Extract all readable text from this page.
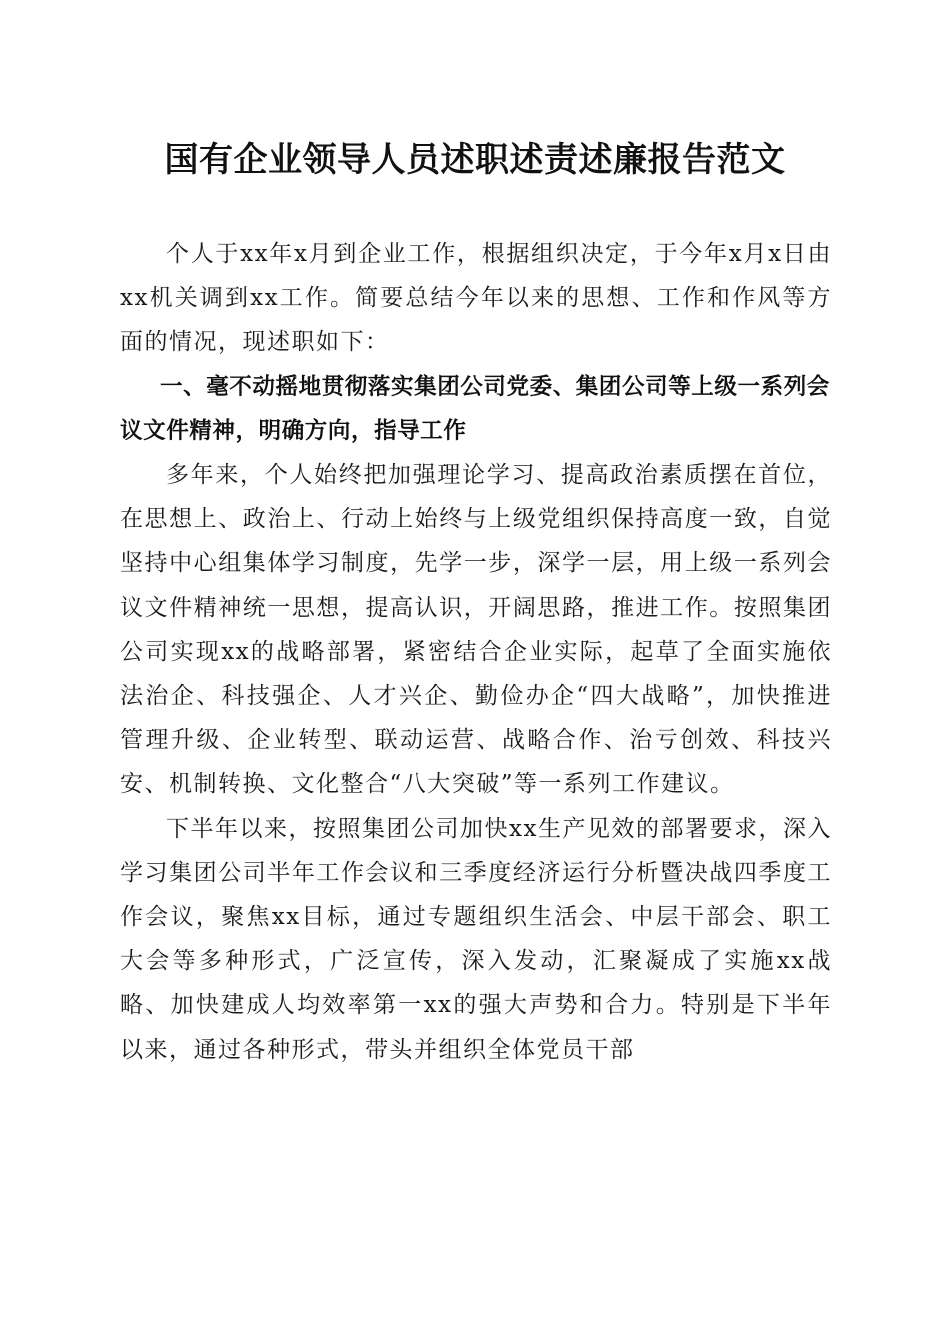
国有企业领导人员述职述责述廉报告范文

个人于xx年x月到企业工作，根据组织决定，于今年x月x日由xx机关调到xx工作。简要总结今年以来的思想、工作和作风等方面的情况，现述职如下：

一、毫不动摇地贯彻落实集团公司党委、集团公司等上级一系列会议文件精神，明确方向，指导工作

多年来，个人始终把加强理论学习、提高政治素质摆在首位，在思想上、政治上、行动上始终与上级党组织保持高度一致，自觉坚持中心组集体学习制度，先学一步，深学一层，用上级一系列会议文件精神统一思想，提高认识，开阔思路，推进工作。按照集团公司实现xx的战略部署，紧密结合企业实际，起草了全面实施依法治企、科技强企、人才兴企、勤俭办企“四大战略”，加快推进管理升级、企业转型、联动运营、战略合作、治亏创效、科技兴安、机制转换、文化整合“八大突破”等一系列工作建议。

下半年以来，按照集团公司加快xx生产见效的部署要求，深入学习集团公司半年工作会议和三季度经济运行分析暨决战四季度工作会议，聚焦xx目标，通过专题组织生活会、中层干部会、职工大会等多种形式，广泛宣传，深入发动，汇聚凝成了实施xx战略、加快建成人均效率第一xx的强大声势和合力。特别是下半年以来，通过各种形式，带头并组织全体党员干部
